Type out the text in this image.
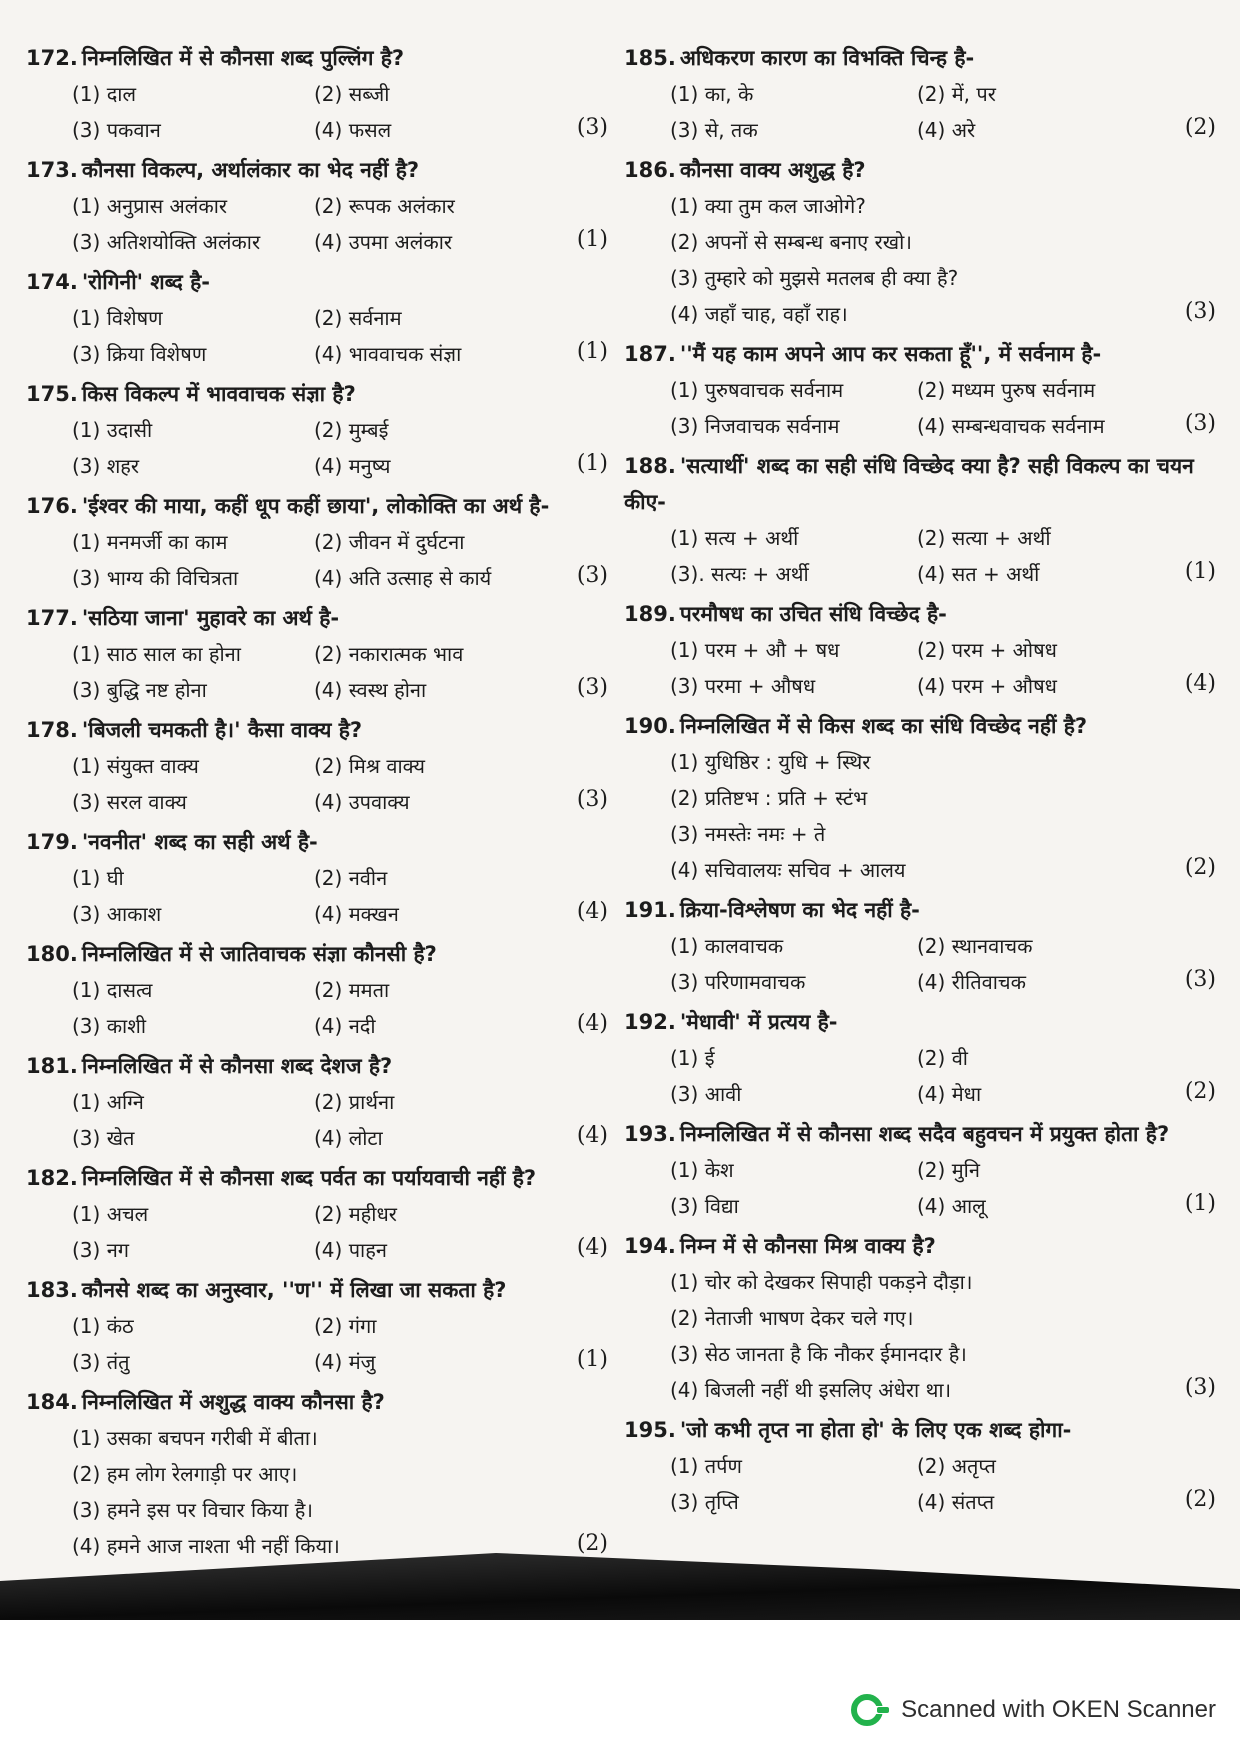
172. निम्नलिखित में से कौनसा शब्द पुल्लिंग है?
(1) दाल	(2) सब्जी
(3) पकवान	(4) फसल	(3)
173. कौनसा विकल्प, अर्थालंकार का भेद नहीं है?
(1) अनुप्रास अलंकार	(2) रूपक अलंकार
(3) अतिशयोक्ति अलंकार	(4) उपमा अलंकार	(1)
174. 'रोगिनी' शब्द है-
(1) विशेषण	(2) सर्वनाम
(3) क्रिया विशेषण	(4) भाववाचक संज्ञा	(1)
175. किस विकल्प में भाववाचक संज्ञा है?
(1) उदासी	(2) मुम्बई
(3) शहर	(4) मनुष्य	(1)
176. 'ईश्वर की माया, कहीं धूप कहीं छाया', लोकोक्ति का अर्थ है-
(1) मनमर्जी का काम	(2) जीवन में दुर्घटना
(3) भाग्य की विचित्रता	(4) अति उत्साह से कार्य	(3)
177. 'सठिया जाना' मुहावरे का अर्थ है-
(1) साठ साल का होना	(2) नकारात्मक भाव
(3) बुद्धि नष्ट होना	(4) स्वस्थ होना	(3)
178. 'बिजली चमकती है।' कैसा वाक्य है?
(1) संयुक्त वाक्य	(2) मिश्र वाक्य
(3) सरल वाक्य	(4) उपवाक्य	(3)
179. 'नवनीत' शब्द का सही अर्थ है-
(1) घी	(2) नवीन
(3) आकाश	(4) मक्खन	(4)
180. निम्नलिखित में से जातिवाचक संज्ञा कौनसी है?
(1) दासत्व	(2) ममता
(3) काशी	(4) नदी	(4)
181. निम्नलिखित में से कौनसा शब्द देशज है?
(1) अग्नि	(2) प्रार्थना
(3) खेत	(4) लोटा	(4)
182. निम्नलिखित में से कौनसा शब्द पर्वत का पर्यायवाची नहीं है?
(1) अचल	(2) महीधर
(3) नग	(4) पाहन	(4)
183. कौनसे शब्द का अनुस्वार, ''ण'' में लिखा जा सकता है?
(1) कंठ	(2) गंगा
(3) तंतु	(4) मंजु	(1)
184. निम्नलिखित में अशुद्ध वाक्य कौनसा है?
(1) उसका बचपन गरीबी में बीता।
(2) हम लोग रेलगाड़ी पर आए।
(3) हमने इस पर विचार किया है।
(4) हमने आज नाश्ता भी नहीं किया।	(2)
185. अधिकरण कारण का विभक्ति चिन्ह है-
(1) का, के	(2) में, पर
(3) से, तक	(4) अरे	(2)
186. कौनसा वाक्य अशुद्ध है?
(1) क्या तुम कल जाओगे?
(2) अपनों से सम्बन्ध बनाए रखो।
(3) तुम्हारे को मुझसे मतलब ही क्या है?
(4) जहाँ चाह, वहाँ राह।	(3)
187. ''मैं यह काम अपने आप कर सकता हूँ'', में सर्वनाम है-
(1) पुरुषवाचक सर्वनाम	(2) मध्यम पुरुष सर्वनाम
(3) निजवाचक सर्वनाम	(4) सम्बन्धवाचक सर्वनाम	(3)
188. 'सत्यार्थी' शब्द का सही संधि विच्छेद क्या है? सही विकल्प का चयन कीए-
(1) सत्य + अर्थी	(2) सत्या + अर्थी
(3). सत्यः + अर्थी	(4) सत + अर्थी	(1)
189. परमौषध का उचित संधि विच्छेद है-
(1) परम + औ + षध	(2) परम + ओषध
(3) परमा + औषध	(4) परम + औषध	(4)
190. निम्नलिखित में से किस शब्द का संधि विच्छेद नहीं है?
(1) युधिष्ठिर : युधि + स्थिर
(2) प्रतिष्टभ : प्रति + स्टंभ
(3) नमस्तेः नमः + ते
(4) सचिवालयः सचिव + आलय	(2)
191. क्रिया-विश्लेषण का भेद नहीं है-
(1) कालवाचक	(2) स्थानवाचक
(3) परिणामवाचक	(4) रीतिवाचक	(3)
192. 'मेधावी' में प्रत्यय है-
(1) ई	(2) वी
(3) आवी	(4) मेधा	(2)
193. निम्नलिखित में से कौनसा शब्द सदैव बहुवचन में प्रयुक्त होता है?
(1) केश	(2) मुनि
(3) विद्या	(4) आलू	(1)
194. निम्न में से कौनसा मिश्र वाक्य है?
(1) चोर को देखकर सिपाही पकड़ने दौड़ा।
(2) नेताजी भाषण देकर चले गए।
(3) सेठ जानता है कि नौकर ईमानदार है।
(4) बिजली नहीं थी इसलिए अंधेरा था।	(3)
195. 'जो कभी तृप्त ना होता हो' के लिए एक शब्द होगा-
(1) तर्पण	(2) अतृप्त
(3) तृप्ति	(4) संतप्त	(2)
Scanned with OKEN Scanner
